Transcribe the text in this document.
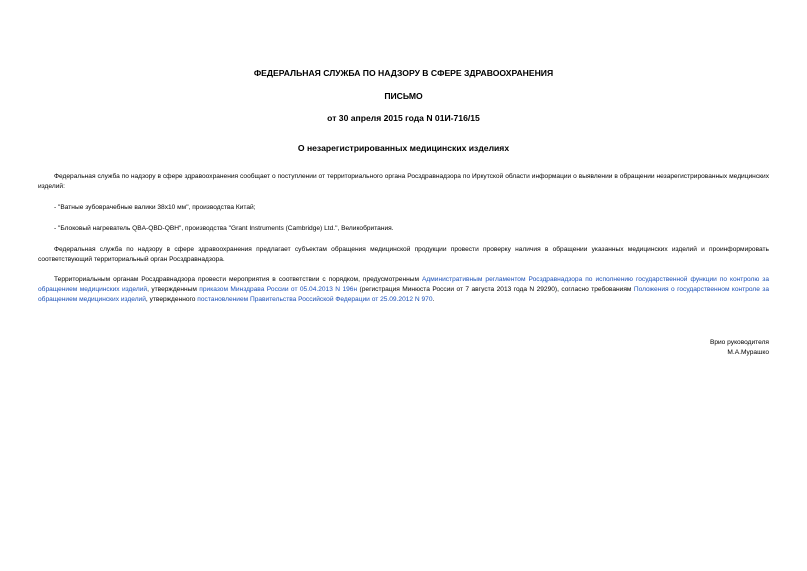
ФЕДЕРАЛЬНАЯ СЛУЖБА ПО НАДЗОРУ В СФЕРЕ ЗДРАВООХРАНЕНИЯ
ПИСЬМО
от 30 апреля 2015 года N 01И-716/15
О незарегистрированных медицинских изделиях

Федеральная служба по надзору в сфере здравоохранения сообщает о поступлении от территориального органа Росздравнадзора по Иркутской области информации о выявлении в обращении незарегистрированных медицинских изделий:

- "Ватные зубоврачебные валики 38х10 мм", производства Китай;

- "Блоковый нагреватель QBA-QBD-QBH", производства "Grant Instruments (Cambridge) Ltd.", Великобритания.

Федеральная служба по надзору в сфере здравоохранения предлагает субъектам обращения медицинской продукции провести проверку наличия в обращении указанных медицинских изделий и проинформировать соответствующий территориальный орган Росздравнадзора.

Территориальным органам Росздравнадзора провести мероприятия в соответствии с порядком, предусмотренным Административным регламентом Росздравнадзора по исполнению государственной функции по контролю за обращением медицинских изделий, утвержденным приказом Минздрава России от 05.04.2013 N 196н (регистрация Минюста России от 7 августа 2013 года N 29290), согласно требованиям Положения о государственном контроле за обращением медицинских изделий, утвержденного постановлением Правительства Российской Федерации от 25.09.2012 N 970.

Врио руководителя
М.А.Мурашко
